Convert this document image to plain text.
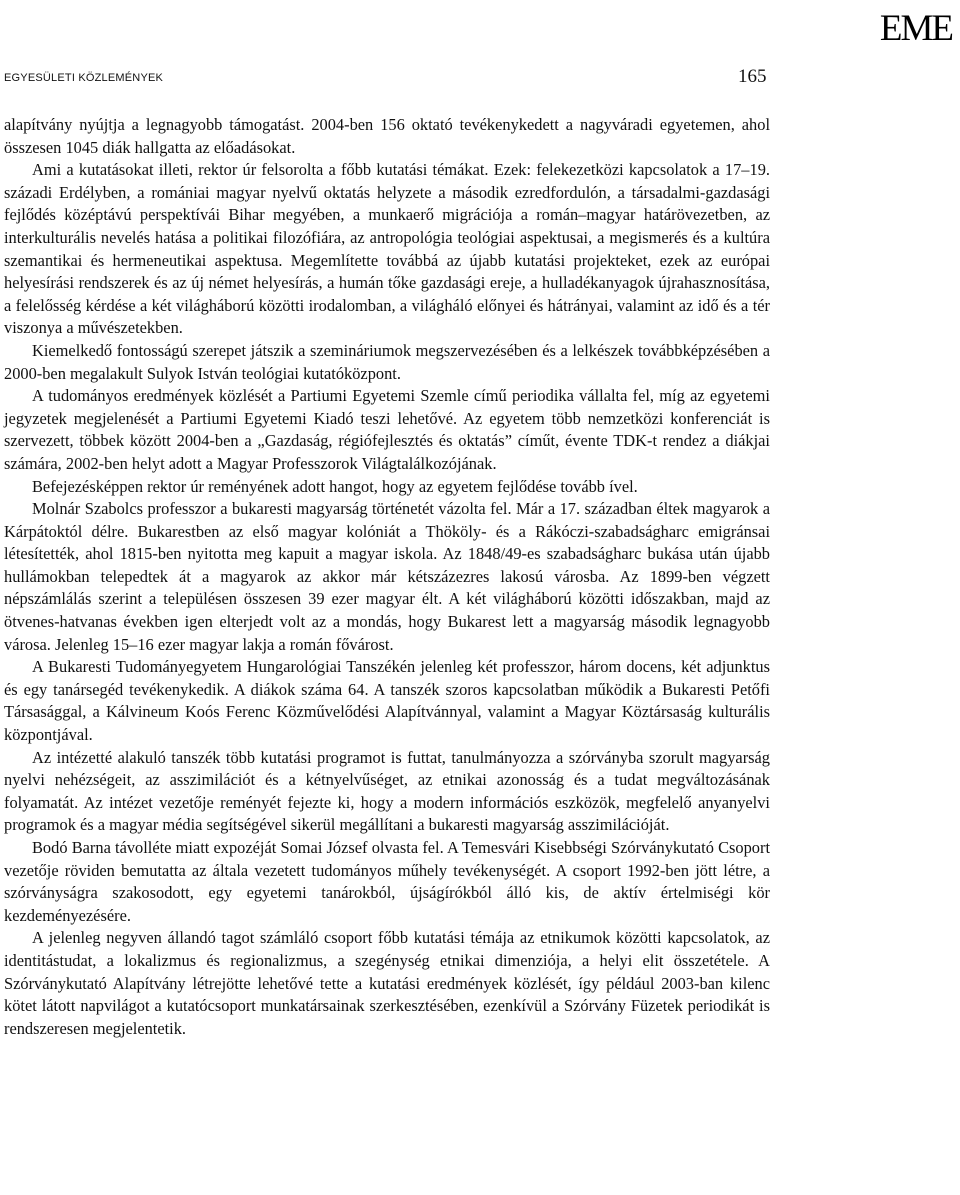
EME
EGYESÜLETI KÖZLEMÉNYEK	165

alapítvány nyújtja a legnagyobb támogatást. 2004-ben 156 oktató tevékenykedett a nagyváradi egyetemen, ahol összesen 1045 diák hallgatta az előadásokat.

Ami a kutatásokat illeti, rektor úr felsorolta a főbb kutatási témákat. Ezek: felekezetközi kapcsolatok a 17–19. századi Erdélyben, a romániai magyar nyelvű oktatás helyzete a második ezredfordulón, a társadalmi-gazdasági fejlődés középtávú perspektívái Bihar megyében, a munkaerő migrációja a román–magyar határövezetben, az interkulturális nevelés hatása a politikai filozófiára, az antropológia teológiai aspektusai, a megismerés és a kultúra szemantikai és hermeneutikai aspektusa. Megemlítette továbbá az újabb kutatási projekteket, ezek az európai helyesírási rendszerek és az új német helyesírás, a humán tőke gazdasági ereje, a hulladékanyagok újrahasznosítása, a felelősség kérdése a két világháború közötti irodalomban, a világháló előnyei és hátrányai, valamint az idő és a tér viszonya a művészetekben.

Kiemelkedő fontosságú szerepet játszik a szemináriumok megszervezésében és a lelkészek továbbképzésében a 2000-ben megalakult Sulyok István teológiai kutatóközpont.

A tudományos eredmények közlését a Partiumi Egyetemi Szemle című periodika vállalta fel, míg az egyetemi jegyzetek megjelenését a Partiumi Egyetemi Kiadó teszi lehetővé. Az egyetem több nemzetközi konferenciát is szervezett, többek között 2004-ben a „Gazdaság, régiófejlesztés és oktatás” címűt, évente TDK-t rendez a diákjai számára, 2002-ben helyt adott a Magyar Professzorok Világtalálkozójának.

Befejezésképpen rektor úr reményének adott hangot, hogy az egyetem fejlődése tovább ível.

Molnár Szabolcs professzor a bukaresti magyarság történetét vázolta fel. Már a 17. században éltek magyarok a Kárpátoktól délre. Bukarestben az első magyar kolóniát a Thököly- és a Rákóczi-szabadságharc emigránsai létesítették, ahol 1815-ben nyitotta meg kapuit a magyar iskola. Az 1848/49-es szabadságharc bukása után újabb hullámokban telepedtek át a magyarok az akkor már kétszázezres lakosú városba. Az 1899-ben végzett népszámlálás szerint a településen összesen 39 ezer magyar élt. A két világháború közötti időszakban, majd az ötvenes-hatvanas években igen elterjedt volt az a mondás, hogy Bukarest lett a magyarság második legnagyobb városa. Jelenleg 15–16 ezer magyar lakja a román fővárost.

A Bukaresti Tudományegyetem Hungarológiai Tanszékén jelenleg két professzor, három docens, két adjunktus és egy tanársegéd tevékenykedik. A diákok száma 64. A tanszék szoros kapcsolatban működik a Bukaresti Petőfi Társasággal, a Kálvineum Koós Ferenc Közművelődési Alapítvánnyal, valamint a Magyar Köztársaság kulturális központjával.

Az intézetté alakuló tanszék több kutatási programot is futtat, tanulmányozza a szórványba szorult magyarság nyelvi nehézségeit, az asszimilációt és a kétnyelvűséget, az etnikai azonosság és a tudat megváltozásának folyamatát. Az intézet vezetője reményét fejezte ki, hogy a modern információs eszközök, megfelelő anyanyelvi programok és a magyar média segítségével sikerül megállítani a bukaresti magyarság asszimilációját.

Bodó Barna távolléte miatt expozéját Somai József olvasta fel. A Temesvári Kisebbségi Szórványkutató Csoport vezetője röviden bemutatta az általa vezetett tudományos műhely tevékenységét. A csoport 1992-ben jött létre, a szórványságra szakosodott, egy egyetemi tanárokból, újságírókból álló kis, de aktív értelmiségi kör kezdeményezésére.

A jelenleg negyven állandó tagot számláló csoport főbb kutatási témája az etnikumok közötti kapcsolatok, az identitástudat, a lokalizmus és regionalizmus, a szegénység etnikai dimenziója, a helyi elit összetétele. A Szórványkutató Alapítvány létrejötte lehetővé tette a kutatási eredmények közlését, így például 2003-ban kilenc kötet látott napvilágot a kutatócsoport munkatársainak szerkesztésében, ezenkívül a Szórvány Füzetek periodikát is rendszeresen megjelentetik.
